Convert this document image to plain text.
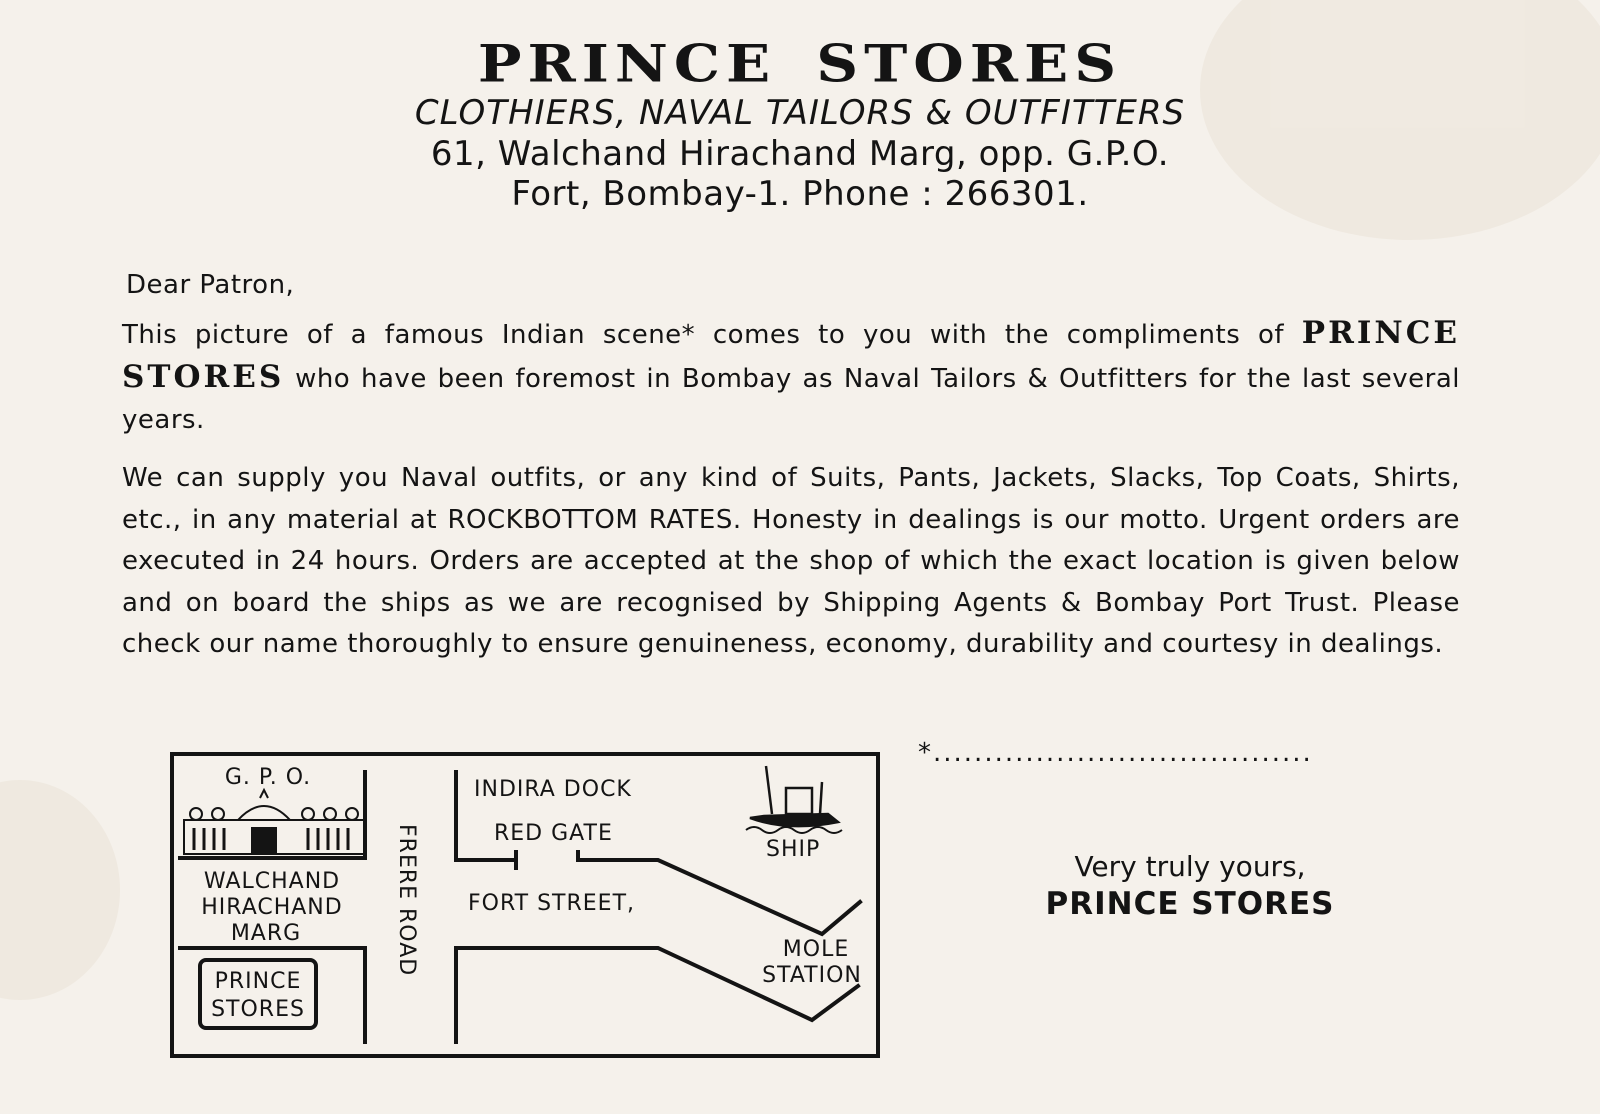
PRINCE STORES
CLOTHIERS, NAVAL TAILORS & OUTFITTERS
61, Walchand Hirachand Marg, opp. G.P.O.
Fort, Bombay-1. Phone : 266301.
Dear Patron,

This picture of a famous Indian scene* comes to you with the compliments of PRINCE STORES who have been foremost in Bombay as Naval Tailors & Outfitters for the last several years.

We can supply you Naval outfits, or any kind of Suits, Pants, Jackets, Slacks, Top Coats, Shirts, etc., in any material at ROCKBOTTOM RATES. Honesty in dealings is our motto. Urgent orders are executed in 24 hours. Orders are accepted at the shop of which the exact location is given below and on board the ships as we are recognised by Shipping Agents & Bombay Port Trust. Please check our name thoroughly to ensure genuineness, economy, durability and courtesy in dealings.

G. P. O.
WALCHAND
HIRACHAND
MARG
PRINCE
STORES
FRERE ROAD
INDIRA DOCK
RED GATE
FORT STREET,
SHIP
MOLE
STATION
*.....................................
Very truly yours,
PRINCE STORES
